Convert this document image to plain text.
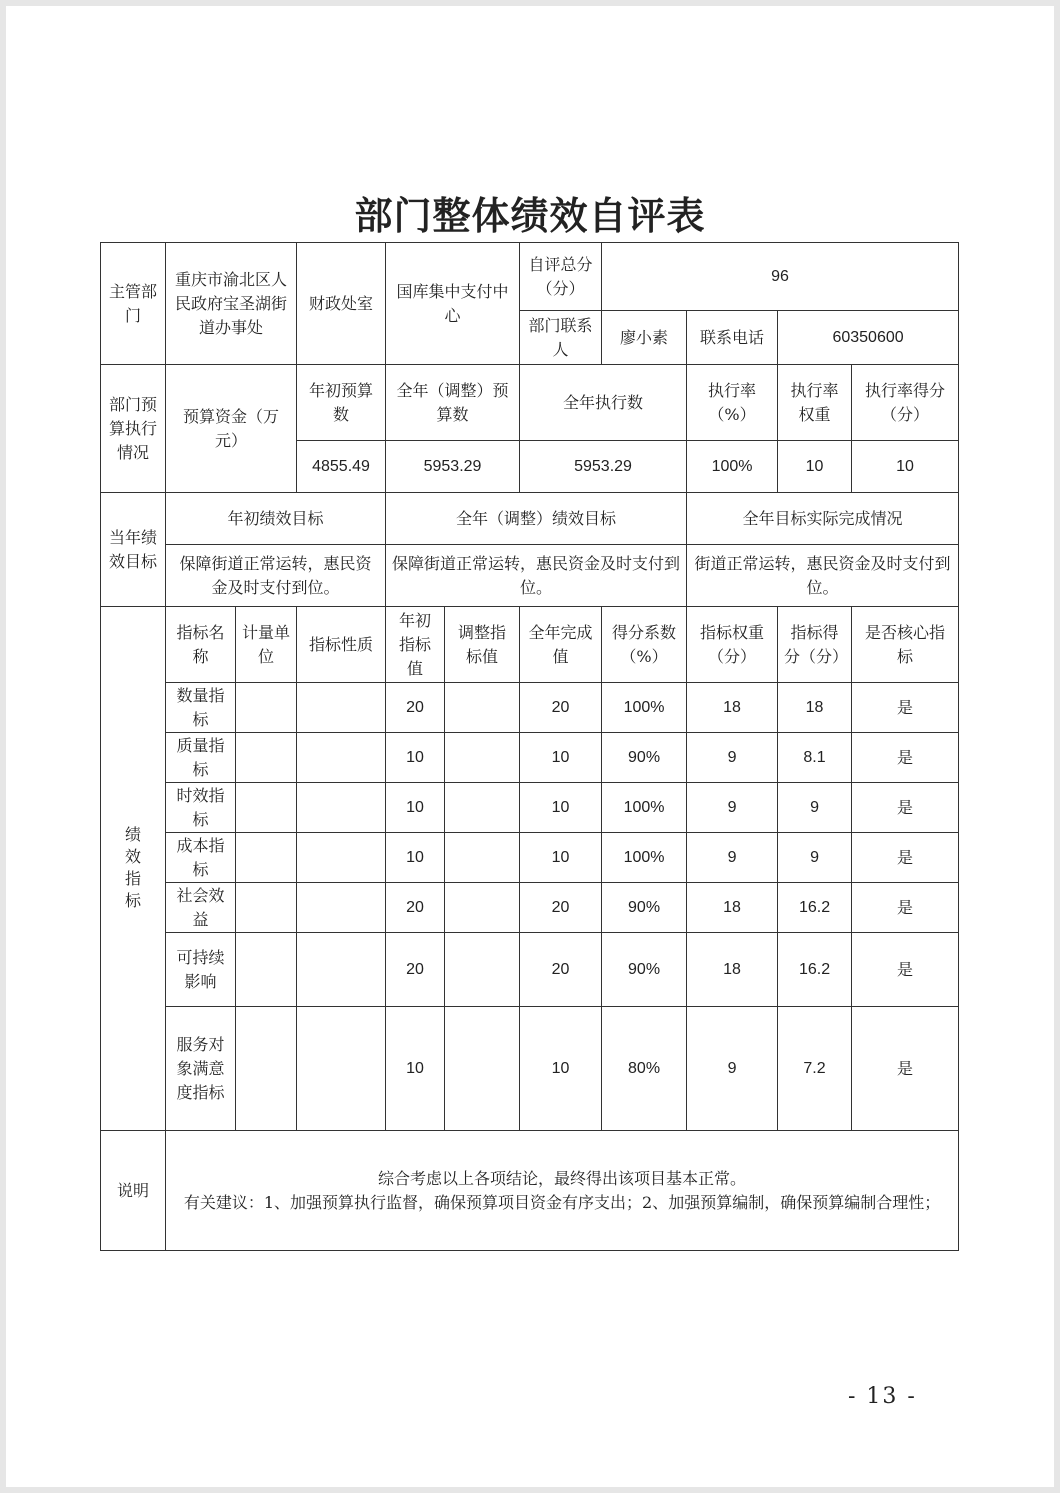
部门整体绩效自评表
主管部门	重庆市渝北区人民政府宝圣湖街道办事处		财政处室	国库集中支付中心		自评总分（分）	96			
						部门联系人	廖小素	联系电话	60350600	
部门预算执行情况	预算资金（万元）		年初预算数	全年（调整）预算数		全年执行数		执行率（%）	执行率权重	执行率得分（分）
			4855.49	5953.29		5953.29		100%	10	10
当年绩效目标	年初绩效目标			全年（调整）绩效目标				全年目标实际完成情况		
	保障街道正常运转，惠民资金及时支付到位。			保障街道正常运转，惠民资金及时支付到位。				街道正常运转，惠民资金及时支付到位。		
绩效指标	指标名称	计量单位	指标性质	年初指标值	调整指标值	全年完成值	得分系数（%）	指标权重（分）	指标得分（分）	是否核心指标
	数量指标			20		20	100%	18	18	是
	质量指标			10		10	90%	9	8.1	是
	时效指标			10		10	100%	9	9	是
	成本指标			10		10	100%	9	9	是
	社会效益			20		20	90%	18	16.2	是
	可持续影响			20		20	90%	18	16.2	是
	服务对象满意度指标			10		10	80%	9	7.2	是
说明	综合考虑以上各项结论，最终得出该项目基本正常。
有关建议：1、加强预算执行监督，确保预算项目资金有序支出；2、加强预算编制，确保预算编制合理性；									
- 13 -
